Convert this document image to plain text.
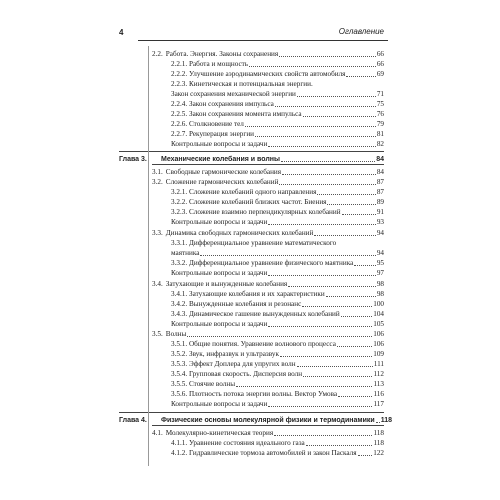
4	Оглавление
2.2. Работа. Энергия. Законы сохранения	66
2.2.1. Работа и мощность	66
2.2.2. Улучшение аэродинамических свойств автомобиля	69
2.2.3. Кинетическая и потенциальная энергии.
Закон сохранения механической энергии	71
2.2.4. Закон сохранения импульса	75
2.2.5. Закон сохранения момента импульса	76
2.2.6. Столкновение тел	79
2.2.7. Рекуперация энергии	81
Контрольные вопросы и задачи	82
Глава 3. Механические колебания и волны	84
3.1. Свободные гармонические колебания	84
3.2. Сложение гармонических колебаний	87
3.2.1. Сложение колебаний одного направления	87
3.2.2. Сложение колебаний близких частот. Биения	89
3.2.3. Сложение взаимно перпендикулярных колебаний	91
Контрольные вопросы и задачи	93
3.3. Динамика свободных гармонических колебаний	94
3.3.1. Дифференциальное уравнение математического
маятника	94
3.3.2. Дифференциальное уравнение физического маятника	95
Контрольные вопросы и задачи	97
3.4. Затухающие и вынужденные колебания	98
3.4.1. Затухающие колебания и их характеристики	98
3.4.2. Вынужденные колебания и резонанс	100
3.4.3. Динамическое гашение вынужденных колебаний	104
Контрольные вопросы и задачи	105
3.5. Волны	106
3.5.1. Общие понятия. Уравнение волнового процесса	106
3.5.2. Звук, инфразвук и ультразвук	109
3.5.3. Эффект Доплера для упругих волн	111
3.5.4. Групповая скорость. Дисперсия волн	112
3.5.5. Стоячие волны	113
3.5.6. Плотность потока энергии волны. Вектор Умова	116
Контрольные вопросы и задачи	117
Глава 4. Физические основы молекулярной физики и термодинамики 118
4.1. Молекулярно-кинетическая теория	118
4.1.1. Уравнение состояния идеального газа	118
4.1.2. Гидравлические тормоза автомобилей и закон Паскаля 122
